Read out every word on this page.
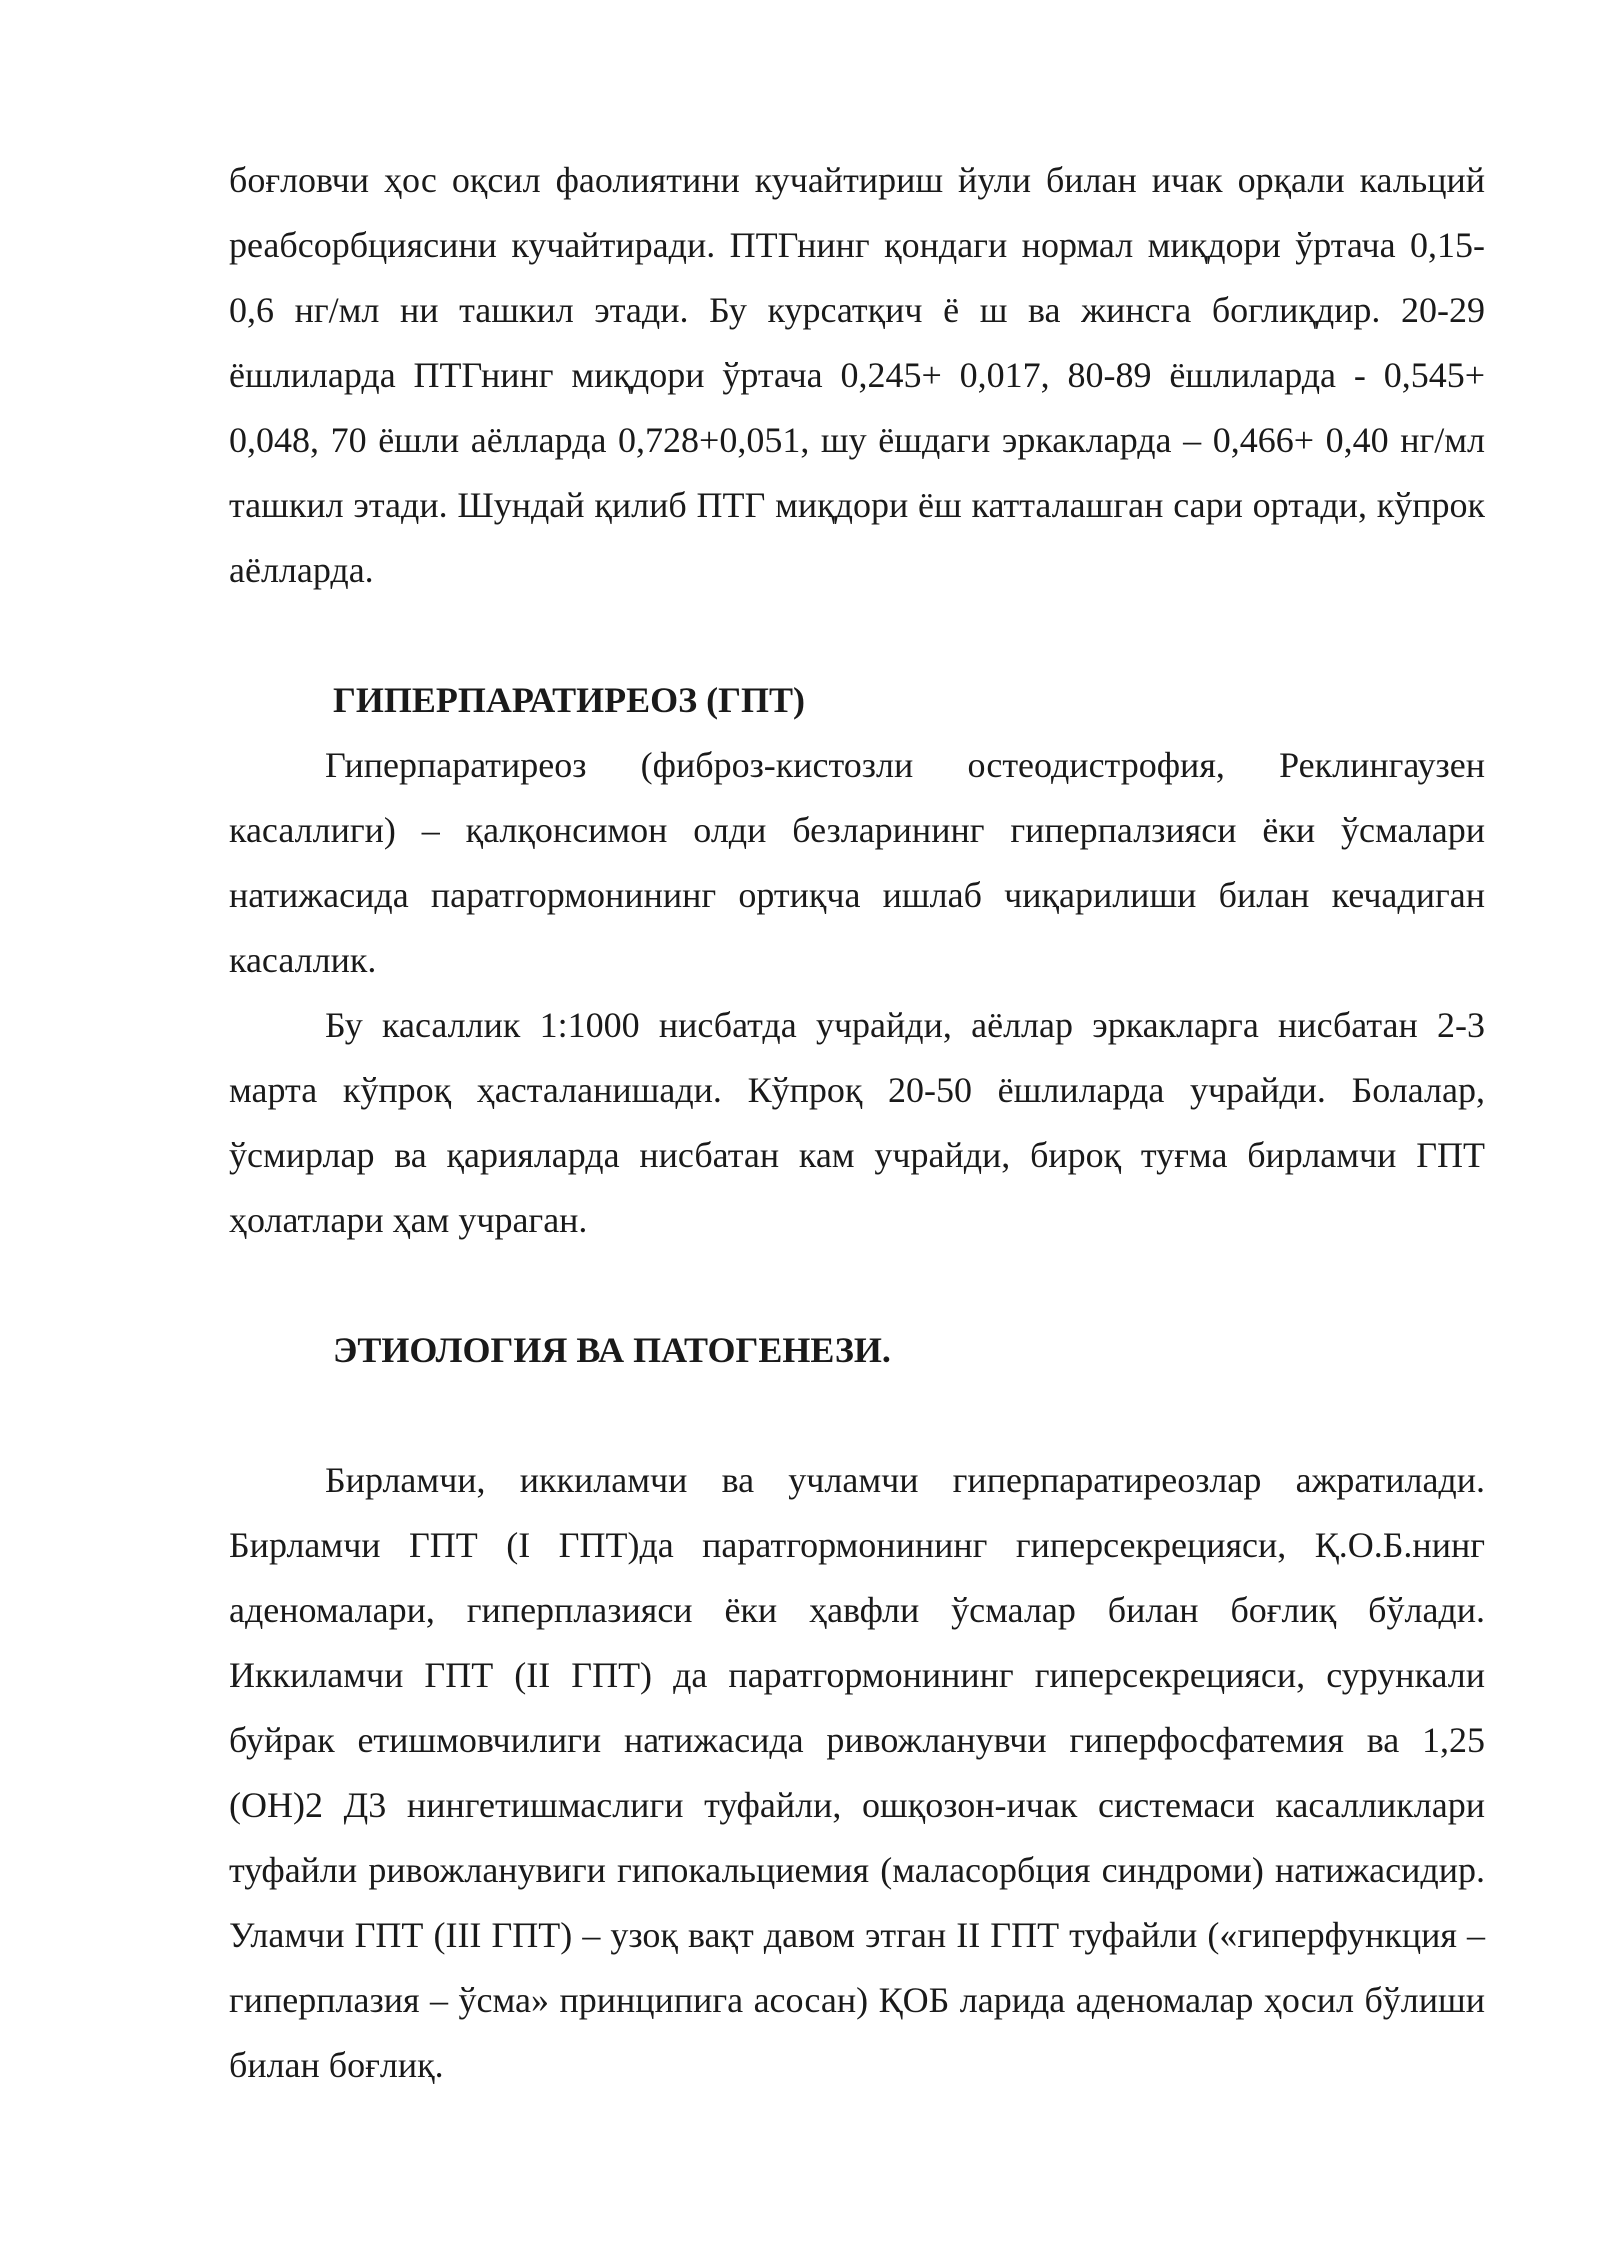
боғловчи ҳос оқсил фаолиятини кучайтириш йули билан ичак орқали кальций реабсорбциясини кучайтиради. ПТГнинг қондаги нормал миқдори ўртача 0,15-0,6 нг/мл ни ташкил этади. Бу курсатқич ё ш ва жинсга боглиқдир. 20-29 ёшлиларда ПТГнинг миқдори ўртача 0,245+ 0,017, 80-89 ёшлиларда - 0,545+ 0,048, 70 ёшли аёлларда 0,728+0,051, шу ёшдаги эркакларда – 0,466+ 0,40 нг/мл ташкил этади. Шундай қилиб ПТГ миқдори ёш катталашган сари ортади, кўпрок аёлларда.

ГИПЕРПАРАТИРЕОЗ (ГПТ)

Гиперпаратиреоз (фиброз-кистозли остеодистрофия, Реклингаузен касаллиги) – қалқонсимон олди безларининг гиперпалзияси ёки ўсмалари натижасида паратгормонининг ортиқча ишлаб чиқарилиши билан кечадиган касаллик.

Бу касаллик 1:1000 нисбатда учрайди, аёллар эркакларга нисбатан 2-3 марта кўпроқ ҳасталанишади. Кўпроқ 20-50 ёшлиларда учрайди. Болалар, ўсмирлар ва қарияларда нисбатан кам учрайди, бироқ туғма бирламчи ГПТ ҳолатлари ҳам учраган.

ЭТИОЛОГИЯ ВА ПАТОГЕНЕЗИ.

Бирламчи, иккиламчи ва учламчи гиперпаратиреозлар ажратилади. Бирламчи ГПТ (I ГПТ)да паратгормонининг гиперсекрецияси, Қ.О.Б.нинг аденомалари, гиперплазияси ёки ҳавфли ўсмалар билан боғлиқ бўлади. Иккиламчи ГПТ (II ГПТ) да паратгормонининг гиперсекрецияси, сурункали буйрак етишмовчилиги натижасида ривожланувчи гиперфосфатемия ва 1,25 (ОН)2 Д3 нингетишмаслиги туфайли, ошқозон-ичак системаси касалликлари туфайли ривожланувиги гипокальциемия (маласорбция синдроми) натижасидир. Уламчи ГПТ (III ГПТ) – узоқ вақт давом этган II ГПТ туфайли («гиперфункция – гиперплазия – ўсма» принципига асосан) ҚОБ ларида аденомалар ҳосил бўлиши билан боғлиқ.
